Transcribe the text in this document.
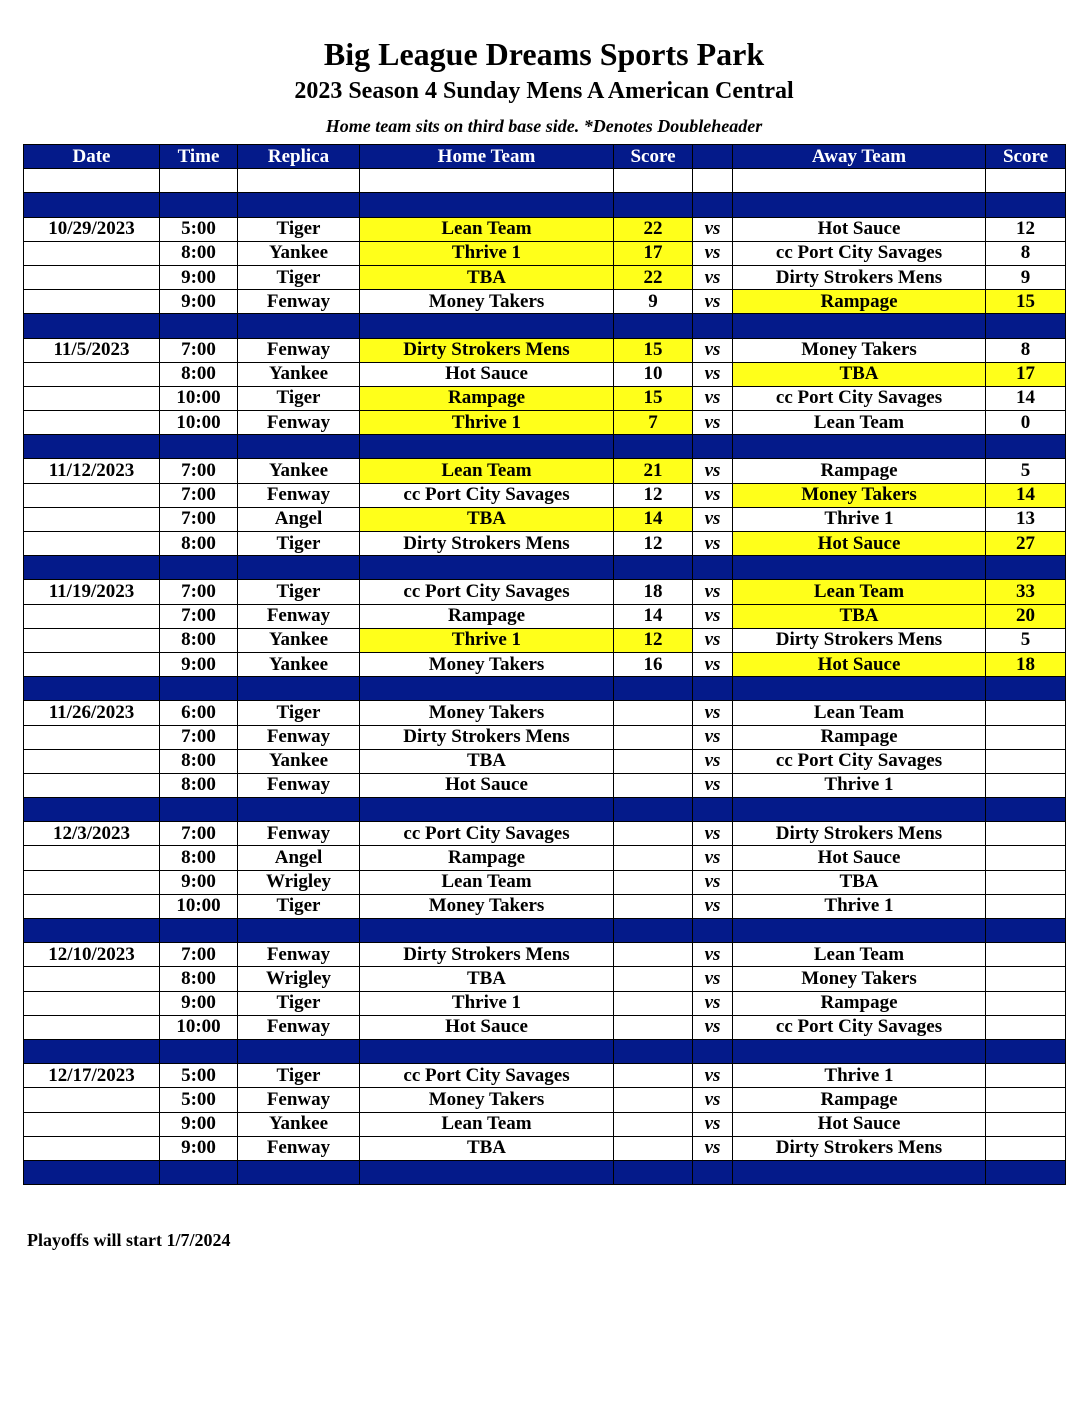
Big League Dreams Sports Park
2023 Season 4 Sunday Mens A American Central
Home team sits on third base side. *Denotes Doubleheader
Date	Time	Replica	Home Team	Score		Away Team	Score

10/29/2023	5:00	Tiger	Lean Team	22	vs	Hot Sauce	12
	8:00	Yankee	Thrive 1	17	vs	cc Port City Savages	8
	9:00	Tiger	TBA	22	vs	Dirty Strokers Mens	9
	9:00	Fenway	Money Takers	9	vs	Rampage	15

11/5/2023	7:00	Fenway	Dirty Strokers Mens	15	vs	Money Takers	8
	8:00	Yankee	Hot Sauce	10	vs	TBA	17
	10:00	Tiger	Rampage	15	vs	cc Port City Savages	14
	10:00	Fenway	Thrive 1	7	vs	Lean Team	0

11/12/2023	7:00	Yankee	Lean Team	21	vs	Rampage	5
	7:00	Fenway	cc Port City Savages	12	vs	Money Takers	14
	7:00	Angel	TBA	14	vs	Thrive 1	13
	8:00	Tiger	Dirty Strokers Mens	12	vs	Hot Sauce	27

11/19/2023	7:00	Tiger	cc Port City Savages	18	vs	Lean Team	33
	7:00	Fenway	Rampage	14	vs	TBA	20
	8:00	Yankee	Thrive 1	12	vs	Dirty Strokers Mens	5
	9:00	Yankee	Money Takers	16	vs	Hot Sauce	18

11/26/2023	6:00	Tiger	Money Takers		vs	Lean Team	
	7:00	Fenway	Dirty Strokers Mens		vs	Rampage	
	8:00	Yankee	TBA		vs	cc Port City Savages	
	8:00	Fenway	Hot Sauce		vs	Thrive 1	

12/3/2023	7:00	Fenway	cc Port City Savages		vs	Dirty Strokers Mens	
	8:00	Angel	Rampage		vs	Hot Sauce	
	9:00	Wrigley	Lean Team		vs	TBA	
	10:00	Tiger	Money Takers		vs	Thrive 1	

12/10/2023	7:00	Fenway	Dirty Strokers Mens		vs	Lean Team	
	8:00	Wrigley	TBA		vs	Money Takers	
	9:00	Tiger	Thrive 1		vs	Rampage	
	10:00	Fenway	Hot Sauce		vs	cc Port City Savages	

12/17/2023	5:00	Tiger	cc Port City Savages		vs	Thrive 1	
	5:00	Fenway	Money Takers		vs	Rampage	
	9:00	Yankee	Lean Team		vs	Hot Sauce	
	9:00	Fenway	TBA		vs	Dirty Strokers Mens	

Playoffs will start 1/7/2024
